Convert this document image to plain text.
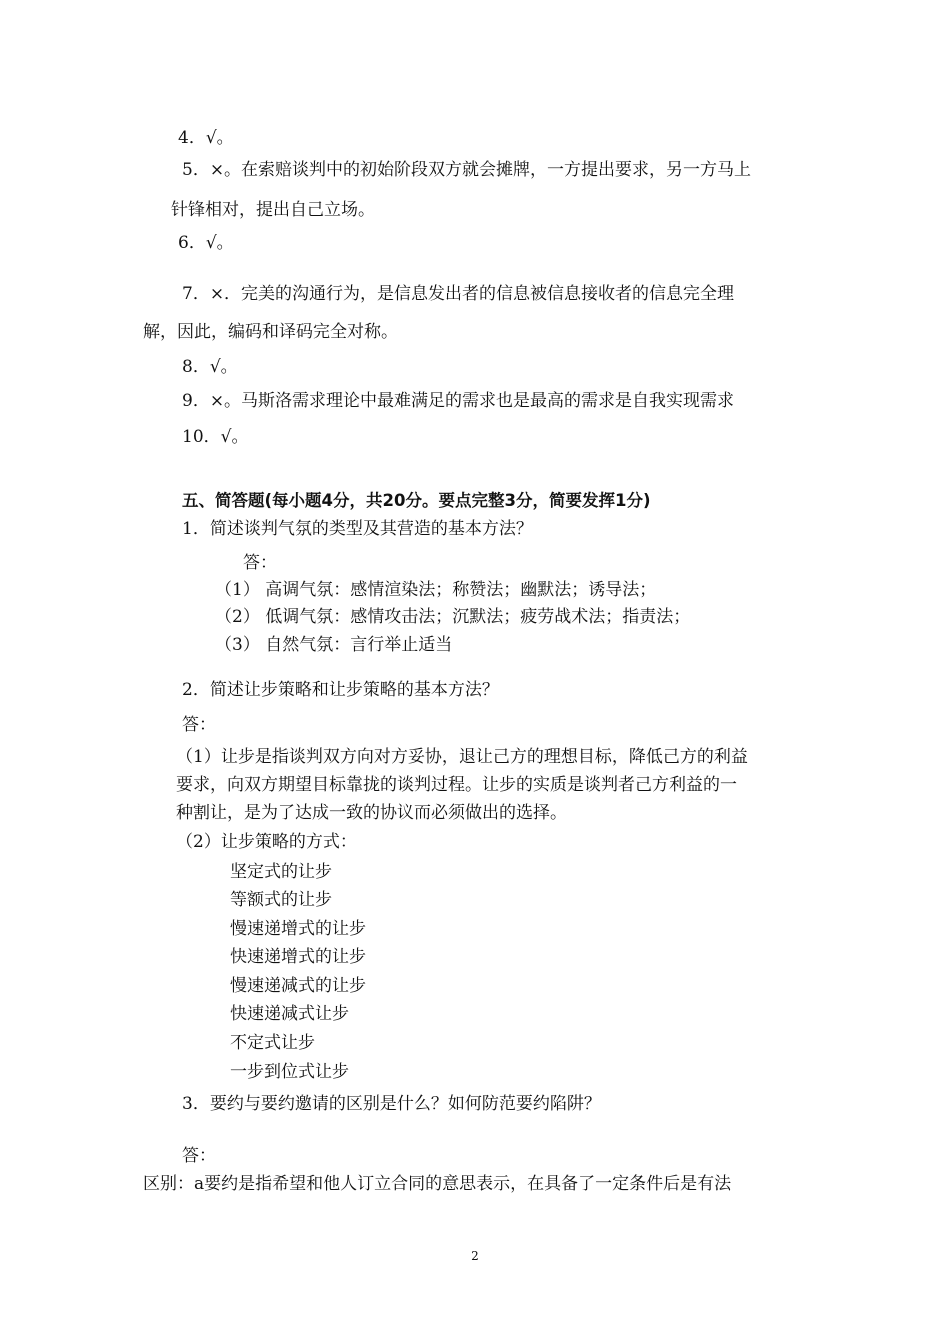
4．√。
5．×。在索赔谈判中的初始阶段双方就会摊牌，一方提出要求，另一方马上
针锋相对，提出自己立场。
6．√。
7．×．完美的沟通行为，是信息发出者的信息被信息接收者的信息完全理
解，因此，编码和译码完全对称。
8．√。
9．×。马斯洛需求理论中最难满足的需求也是最高的需求是自我实现需求
10．√。
五、简答题(每小题4分，共20分。要点完整3分，简要发挥1分)
1．简述谈判气氛的类型及其营造的基本方法？
答：
（1） 高调气氛：感情渲染法；称赞法；幽默法；诱导法；
（2） 低调气氛：感情攻击法；沉默法；疲劳战术法；指责法；
（3） 自然气氛：言行举止适当
2．简述让步策略和让步策略的基本方法？
答：
（1）让步是指谈判双方向对方妥协，退让己方的理想目标，降低己方的利益
要求，向双方期望目标靠拢的谈判过程。让步的实质是谈判者己方利益的一
种割让，是为了达成一致的协议而必须做出的选择。
（2）让步策略的方式：
坚定式的让步
等额式的让步
慢速递增式的让步
快速递增式的让步
慢速递减式的让步
快速递减式让步
不定式让步
一步到位式让步
3．要约与要约邀请的区别是什么？如何防范要约陷阱？
答：
区别：a要约是指希望和他人订立合同的意思表示，在具备了一定条件后是有法
2
